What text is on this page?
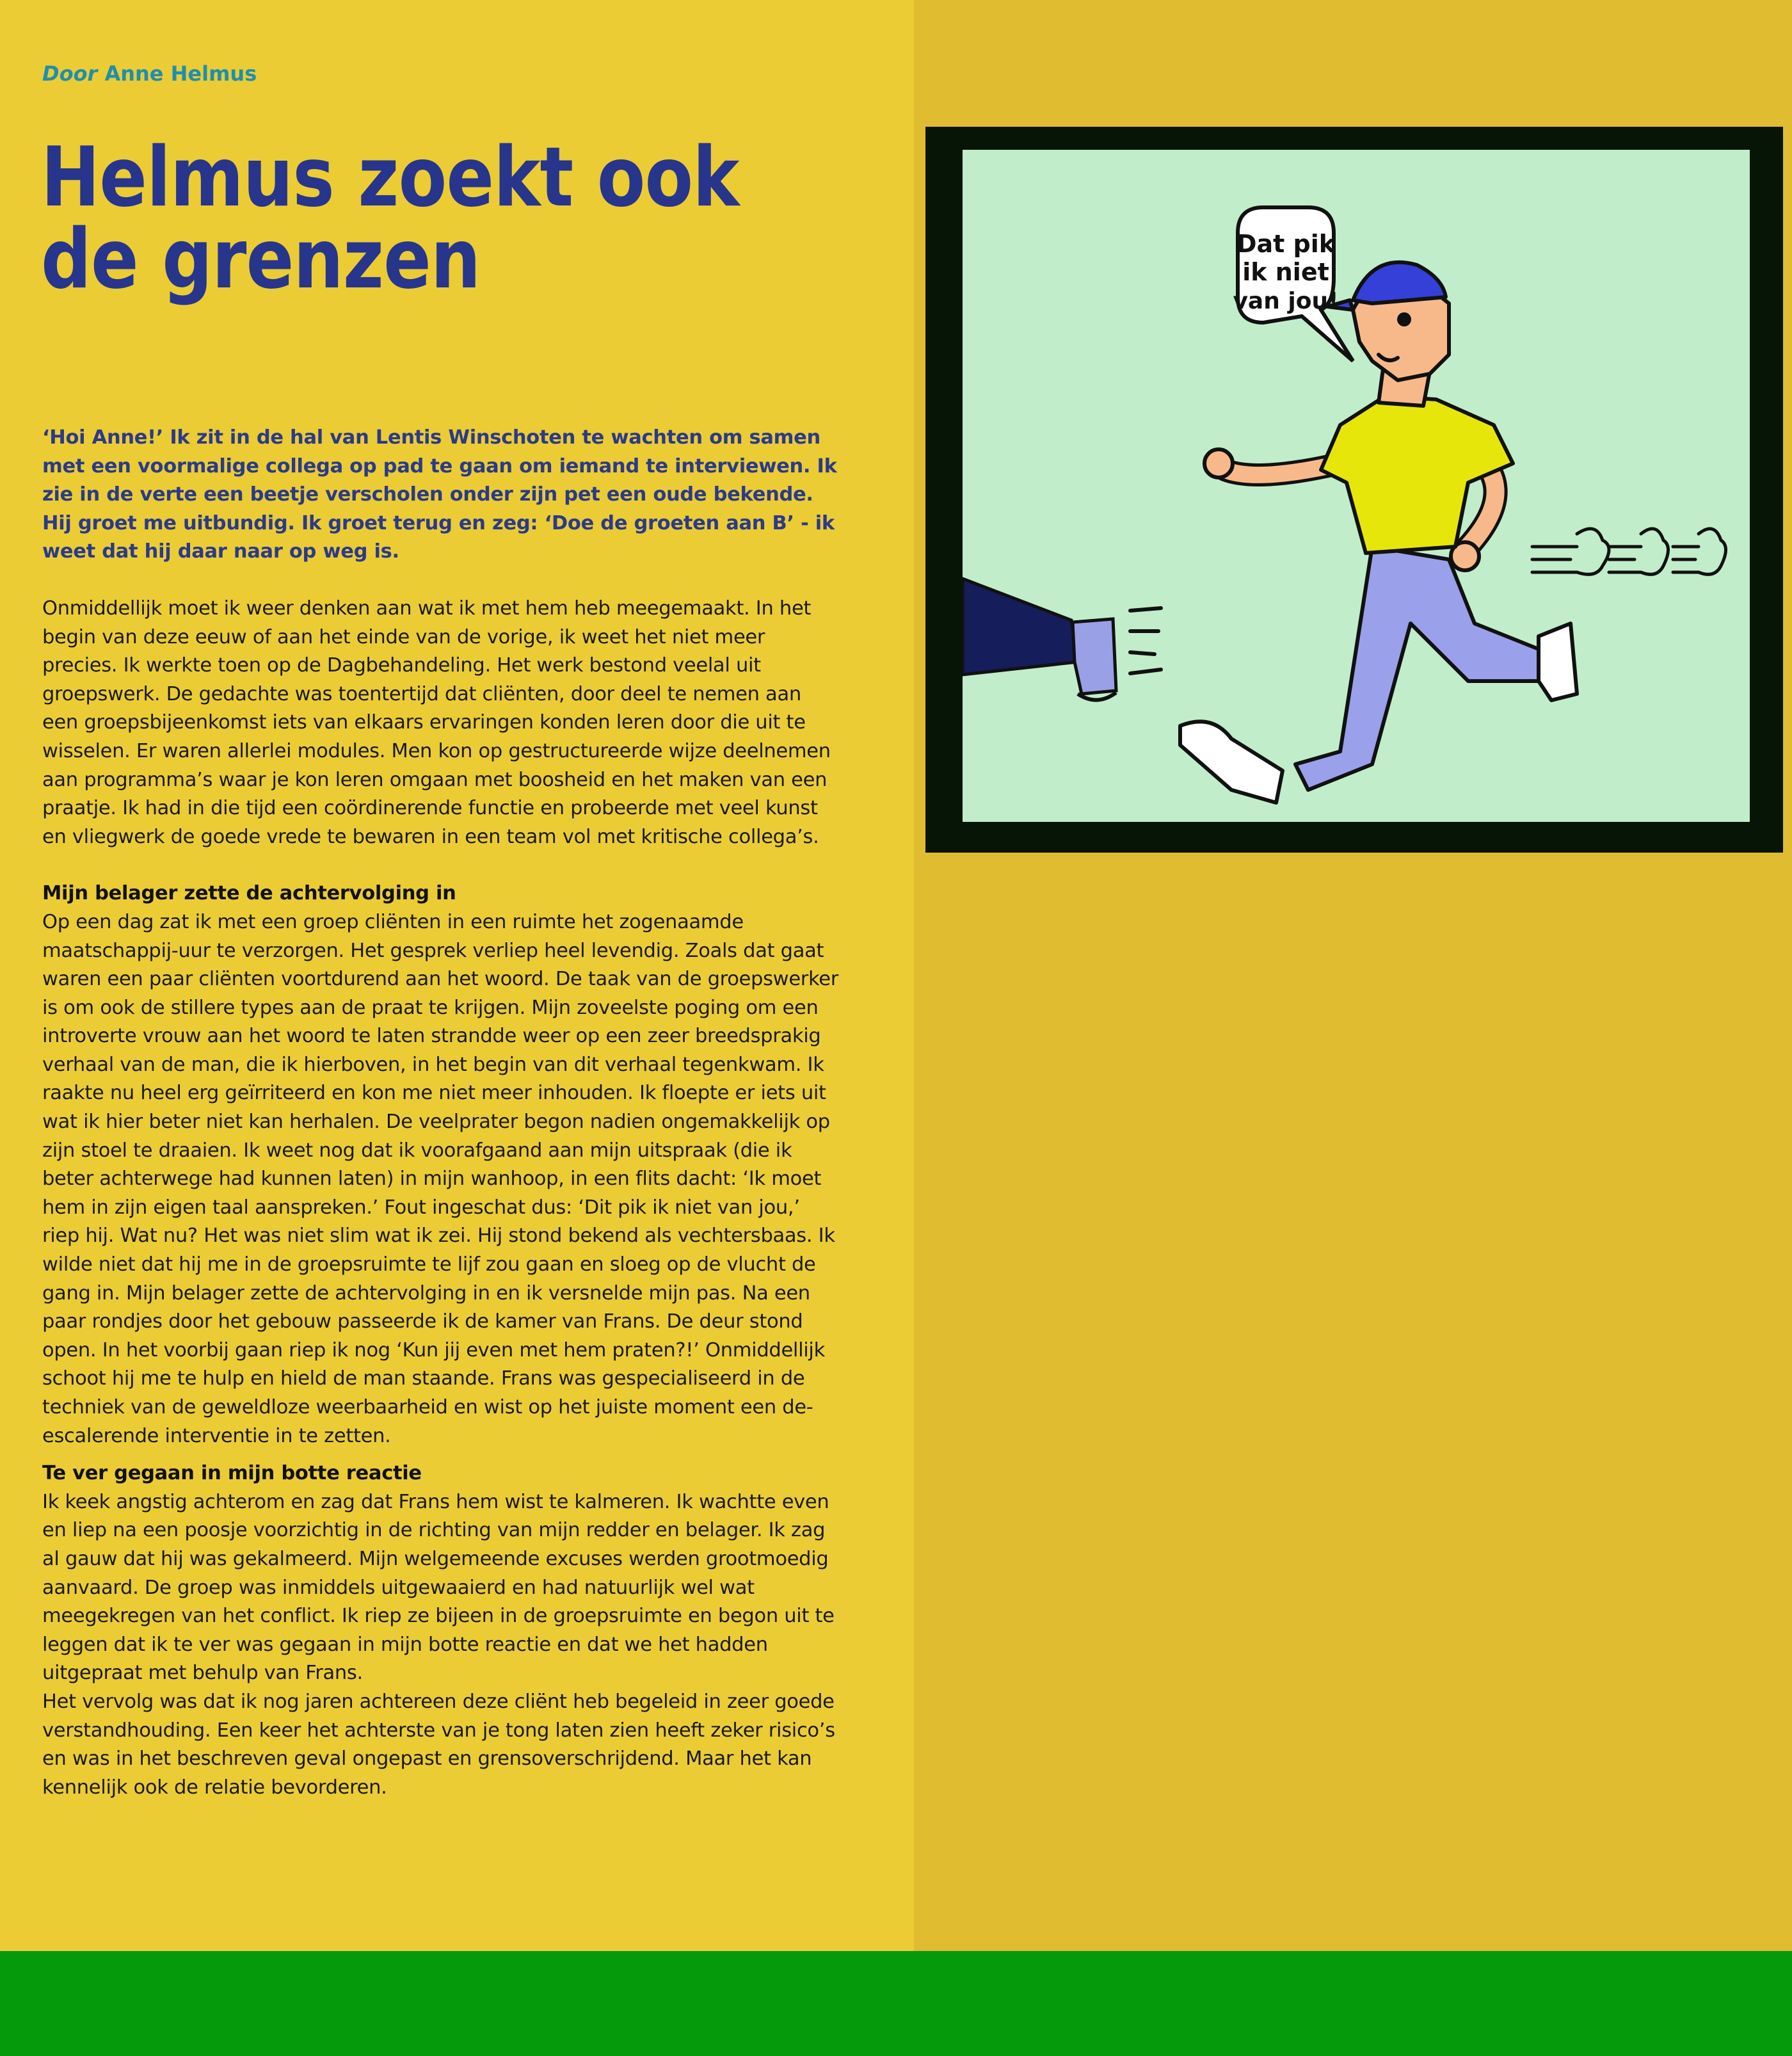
Door Anne Helmus
Helmus zoekt ook
de grenzen

‘Hoi Anne!’ Ik zit in de hal van Lentis Winschoten te wachten om samen met een voormalige collega op pad te gaan om iemand te interviewen. Ik zie in de verte een beetje verscholen onder zijn pet een oude bekende. Hij groet me uitbundig. Ik groet terug en zeg: ‘Doe de groeten aan B’ - ik weet dat hij daar naar op weg is.

Onmiddellijk moet ik weer denken aan wat ik met hem heb meegemaakt. In het begin van deze eeuw of aan het einde van de vorige, ik weet het niet meer precies. Ik werkte toen op de Dagbehandeling. Het werk bestond veelal uit groepswerk. De gedachte was toentertijd dat cliënten, door deel te nemen aan een groepsbijeenkomst iets van elkaars ervaringen konden leren door die uit te wisselen. Er waren allerlei modules. Men kon op gestructureerde wijze deelnemen aan programma’s waar je kon leren omgaan met boosheid en het maken van een praatje. Ik had in die tijd een coördinerende functie en probeerde met veel kunst en vliegwerk de goede vrede te bewaren in een team vol met kritische collega’s.

Mijn belager zette de achtervolging in

Op een dag zat ik met een groep cliënten in een ruimte het zogenaamde maatschappij-uur te verzorgen. Het gesprek verliep heel levendig. Zoals dat gaat waren een paar cliënten voortdurend aan het woord. De taak van de groepswerker is om ook de stillere types aan de praat te krijgen. Mijn zoveelste poging om een introverte vrouw aan het woord te laten strandde weer op een zeer breedsprakig verhaal van de man, die ik hierboven, in het begin van dit verhaal tegenkwam. Ik raakte nu heel erg geïrriteerd en kon me niet meer inhouden. Ik floepte er iets uit wat ik hier beter niet kan herhalen. De veelprater begon nadien ongemakkelijk op zijn stoel te draaien. Ik weet nog dat ik voorafgaand aan mijn uitspraak (die ik beter achterwege had kunnen laten) in mijn wanhoop, in een flits dacht: ‘Ik moet hem in zijn eigen taal aanspreken.’ Fout ingeschat dus: ‘Dit pik ik niet van jou,’ riep hij. Wat nu? Het was niet slim wat ik zei. Hij stond bekend als vechtersbaas. Ik wilde niet dat hij me in de groepsruimte te lijf zou gaan en sloeg op de vlucht de gang in. Mijn belager zette de achtervolging in en ik versnelde mijn pas. Na een paar rondjes door het gebouw passeerde ik de kamer van Frans. De deur stond open. In het voorbij gaan riep ik nog ‘Kun jij even met hem praten?!’ Onmiddellijk schoot hij me te hulp en hield de man staande. Frans was gespecialiseerd in de techniek van de geweldloze weerbaarheid en wist op het juiste moment een de-escalerende interventie in te zetten.

Te ver gegaan in mijn botte reactie

Ik keek angstig achterom en zag dat Frans hem wist te kalmeren. Ik wachtte even en liep na een poosje voorzichtig in de richting van mijn redder en belager. Ik zag al gauw dat hij was gekalmeerd. Mijn welgemeende excuses werden grootmoedig aanvaard. De groep was inmiddels uitgewaaierd en had natuurlijk wel wat meegekregen van het conflict. Ik riep ze bijeen in de groepsruimte en begon uit te leggen dat ik te ver was gegaan in mijn botte reactie en dat we het hadden uitgepraat met behulp van Frans.

Het vervolg was dat ik nog jaren achtereen deze cliënt heb begeleid in zeer goede verstandhouding. Een keer het achterste van je tong laten zien heeft zeker risico’s en was in het beschreven geval ongepast en grensoverschrijdend. Maar het kan kennelijk ook de relatie bevorderen.

Dat pik
ik niet
van jou!
